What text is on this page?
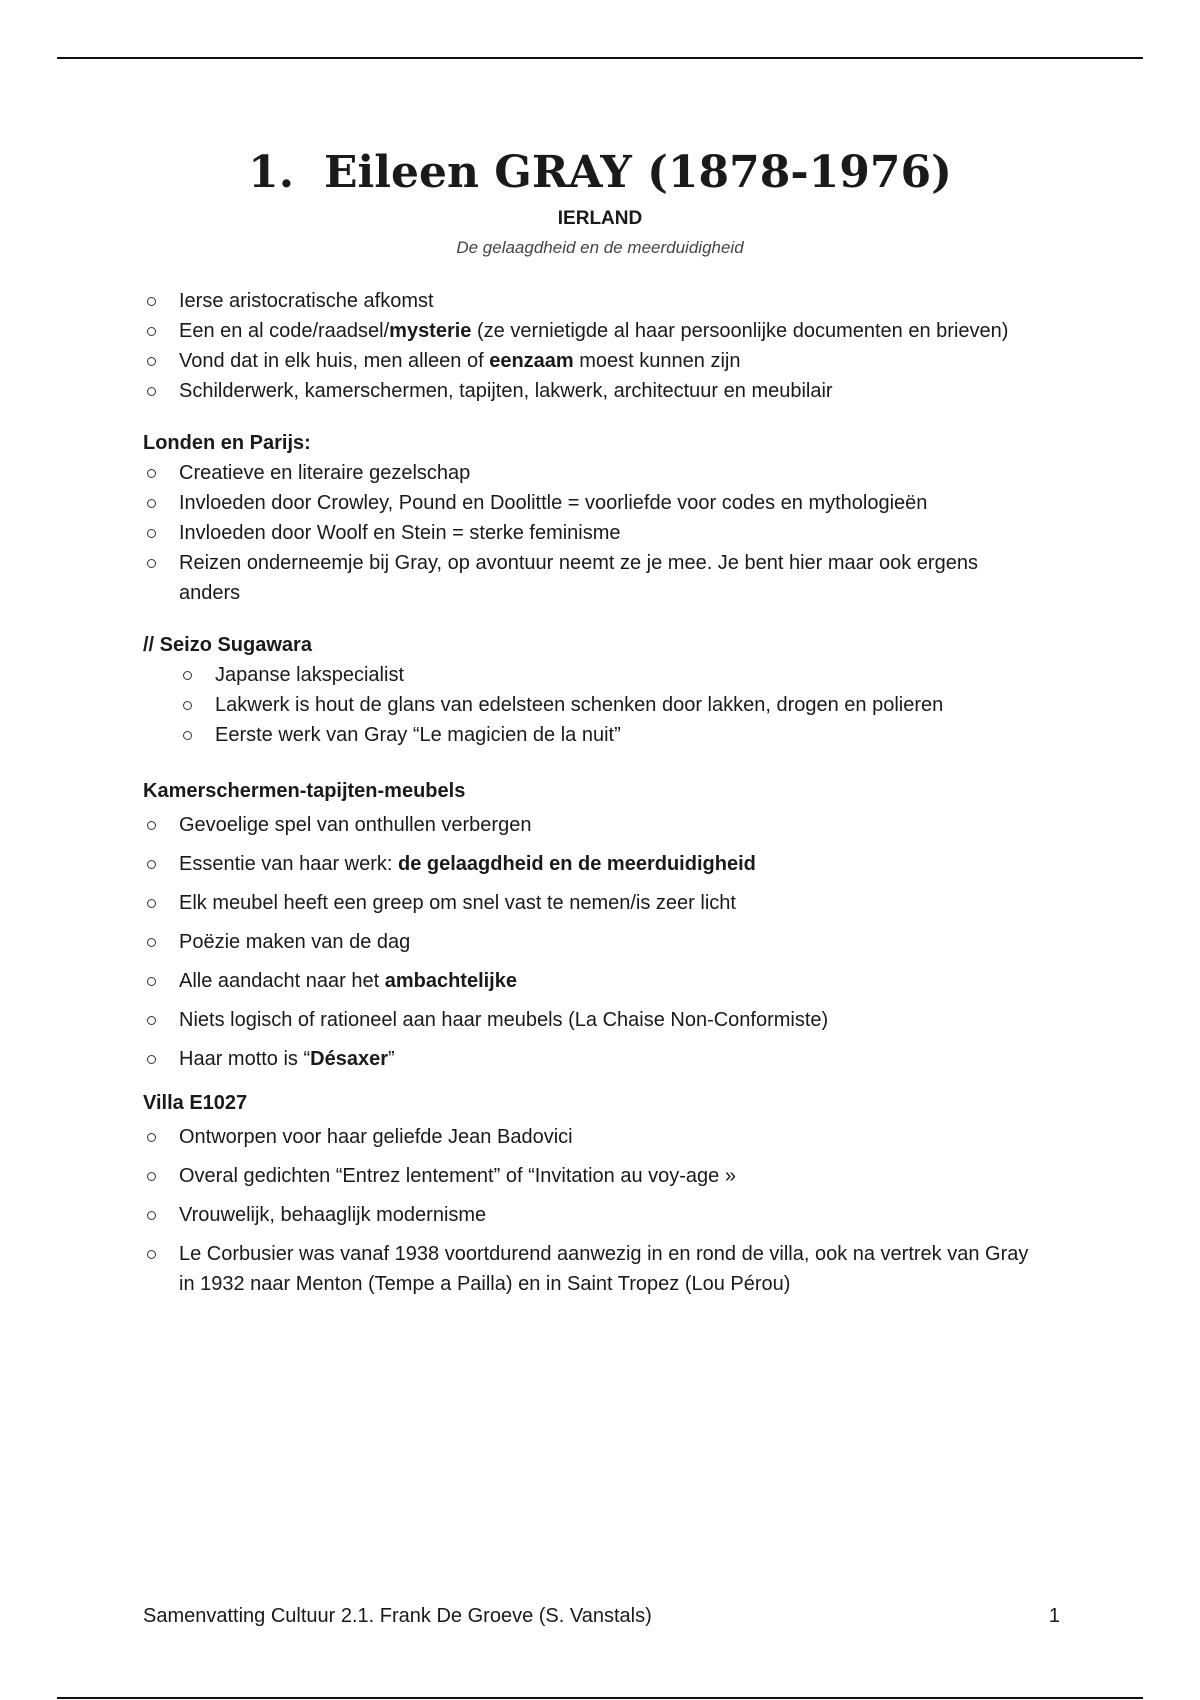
1. Eileen GRAY (1878-1976)
IERLAND
De gelaagdheid en de meerduidigheid
Ierse aristocratische afkomst
Een en al code/raadsel/mysterie (ze vernietigde al haar persoonlijke documenten en brieven)
Vond dat in elk huis, men alleen of eenzaam moest kunnen zijn
Schilderwerk, kamerschermen, tapijten, lakwerk, architectuur en meubilair
Londen en Parijs:
Creatieve en literaire gezelschap
Invloeden door Crowley, Pound en Doolittle = voorliefde voor codes en mythologieën
Invloeden door Woolf en Stein = sterke feminisme
Reizen onderneemje bij Gray, op avontuur neemt ze je mee. Je bent hier maar ook ergens anders
// Seizo Sugawara
Japanse lakspecialist
Lakwerk is hout de glans van edelsteen schenken door lakken, drogen en polieren
Eerste werk van Gray “Le magicien de la nuit”
Kamerschermen-tapijten-meubels
Gevoelige spel van onthullen verbergen
Essentie van haar werk: de gelaagdheid en de meerduidigheid
Elk meubel heeft een greep om snel vast te nemen/is zeer licht
Poëzie maken van de dag
Alle aandacht naar het ambachtelijke
Niets logisch of rationeel aan haar meubels (La Chaise Non-Conformiste)
Haar motto is “Désaxer”
Villa E1027
Ontworpen voor haar geliefde Jean Badovici
Overal gedichten “Entrez lentement” of “Invitation au voy-age »
Vrouwelijk, behaaglijk modernisme
Le Corbusier was vanaf 1938 voortdurend aanwezig in en rond de villa, ook na vertrek van Gray in 1932 naar Menton (Tempe a Pailla) en in Saint Tropez (Lou Pérou)
Samenvatting Cultuur 2.1. Frank De Groeve (S. Vanstals)	1
